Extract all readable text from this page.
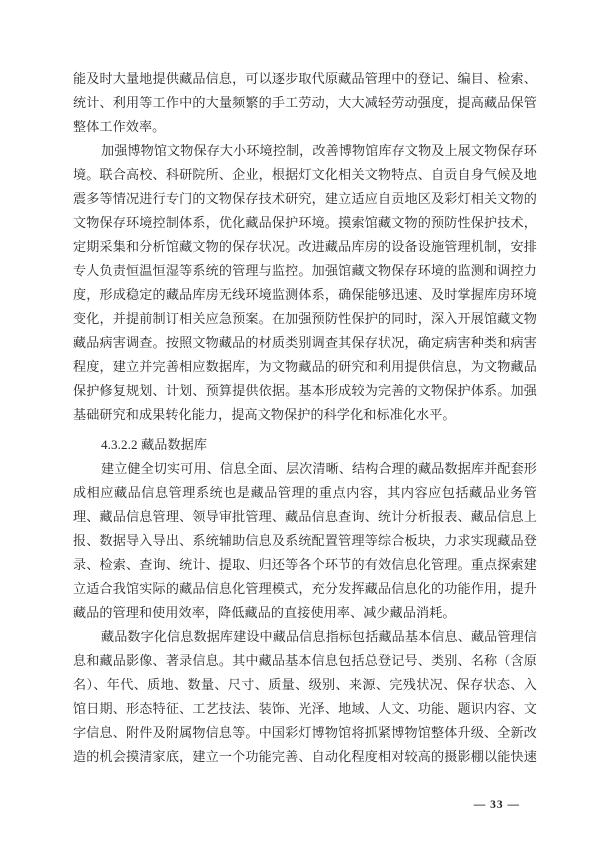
能及时大量地提供藏品信息，可以逐步取代原藏品管理中的登记、编目、检索、
统计、利用等工作中的大量频繁的手工劳动，大大减轻劳动强度，提高藏品保管
整体工作效率。
加强博物馆文物保存大小环境控制，改善博物馆库存文物及上展文物保存环
境。联合高校、科研院所、企业，根据灯文化相关文物特点、自贡自身气候及地
震多等情况进行专门的文物保存技术研究，建立适应自贡地区及彩灯相关文物的
文物保存环境控制体系，优化藏品保护环境。摸索馆藏文物的预防性保护技术，
定期采集和分析馆藏文物的保存状况。改进藏品库房的设备设施管理机制，安排
专人负责恒温恒湿等系统的管理与监控。加强馆藏文物保存环境的监测和调控力
度，形成稳定的藏品库房无线环境监测体系，确保能够迅速、及时掌握库房环境
变化，并提前制订相关应急预案。在加强预防性保护的同时，深入开展馆藏文物
藏品病害调查。按照文物藏品的材质类别调查其保存状况，确定病害种类和病害
程度，建立并完善相应数据库，为文物藏品的研究和利用提供信息，为文物藏品
保护修复规划、计划、预算提供依据。基本形成较为完善的文物保护体系。加强
基础研究和成果转化能力，提高文物保护的科学化和标准化水平。
4.3.2.2 藏品数据库
建立健全切实可用、信息全面、层次清晰、结构合理的藏品数据库并配套形
成相应藏品信息管理系统也是藏品管理的重点内容，其内容应包括藏品业务管
理、藏品信息管理、领导审批管理、藏品信息查询、统计分析报表、藏品信息上
报、数据导入导出、系统辅助信息及系统配置管理等综合板块，力求实现藏品登
录、检索、查询、统计、提取、归还等各个环节的有效信息化管理。重点探索建
立适合我馆实际的藏品信息化管理模式，充分发挥藏品信息化的功能作用，提升
藏品的管理和使用效率，降低藏品的直接使用率、减少藏品消耗。
藏品数字化信息数据库建设中藏品信息指标包括藏品基本信息、藏品管理信
息和藏品影像、著录信息。其中藏品基本信息包括总登记号、类别、名称（含原
名）、年代、质地、数量、尺寸、质量、级别、来源、完残状况、保存状态、入
馆日期、形态特征、工艺技法、装饰、光泽、地域、人文、功能、题识内容、文
字信息、附件及附属物信息等。中国彩灯博物馆将抓紧博物馆整体升级、全新改
造的机会摸清家底，建立一个功能完善、自动化程度相对较高的摄影棚以能快速
— 33 —
